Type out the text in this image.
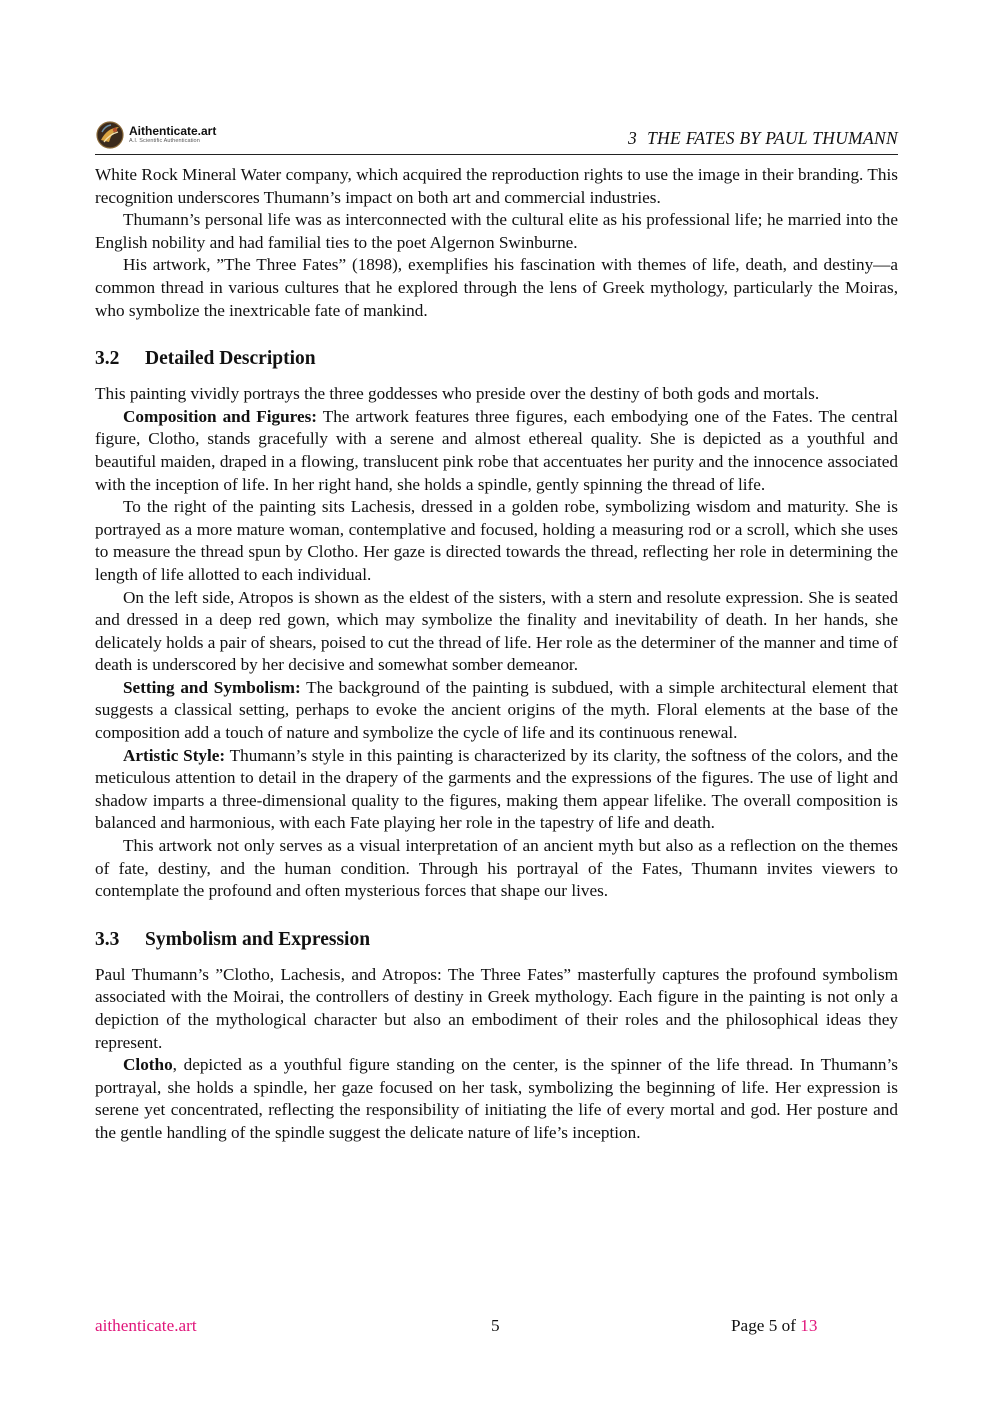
Aithenticate.art
A.I. Scientific Authentication	3 THE FATES BY PAUL THUMANN

White Rock Mineral Water company, which acquired the reproduction rights to use the image in their branding. This recognition underscores Thumann’s impact on both art and commercial industries.

Thumann’s personal life was as interconnected with the cultural elite as his professional life; he married into the English nobility and had familial ties to the poet Algernon Swinburne.

His artwork, ”The Three Fates” (1898), exemplifies his fascination with themes of life, death, and destiny—a common thread in various cultures that he explored through the lens of Greek mythology, particularly the Moiras, who symbolize the inextricable fate of mankind.

3.2 Detailed Description

This painting vividly portrays the three goddesses who preside over the destiny of both gods and mortals.

Composition and Figures: The artwork features three figures, each embodying one of the Fates. The central figure, Clotho, stands gracefully with a serene and almost ethereal quality. She is depicted as a youthful and beautiful maiden, draped in a flowing, translucent pink robe that accentuates her purity and the innocence associated with the inception of life. In her right hand, she holds a spindle, gently spinning the thread of life.

To the right of the painting sits Lachesis, dressed in a golden robe, symbolizing wisdom and maturity. She is portrayed as a more mature woman, contemplative and focused, holding a measuring rod or a scroll, which she uses to measure the thread spun by Clotho. Her gaze is directed towards the thread, reflecting her role in determining the length of life allotted to each individual.

On the left side, Atropos is shown as the eldest of the sisters, with a stern and resolute expression. She is seated and dressed in a deep red gown, which may symbolize the finality and inevitability of death. In her hands, she delicately holds a pair of shears, poised to cut the thread of life. Her role as the determiner of the manner and time of death is underscored by her decisive and somewhat somber demeanor.

Setting and Symbolism: The background of the painting is subdued, with a simple architectural element that suggests a classical setting, perhaps to evoke the ancient origins of the myth. Floral elements at the base of the composition add a touch of nature and symbolize the cycle of life and its continuous renewal.

Artistic Style: Thumann’s style in this painting is characterized by its clarity, the softness of the colors, and the meticulous attention to detail in the drapery of the garments and the expressions of the figures. The use of light and shadow imparts a three-dimensional quality to the figures, making them appear lifelike. The overall composition is balanced and harmonious, with each Fate playing her role in the tapestry of life and death.

This artwork not only serves as a visual interpretation of an ancient myth but also as a reflection on the themes of fate, destiny, and the human condition. Through his portrayal of the Fates, Thumann invites viewers to contemplate the profound and often mysterious forces that shape our lives.

3.3 Symbolism and Expression

Paul Thumann’s ”Clotho, Lachesis, and Atropos: The Three Fates” masterfully captures the profound symbolism associated with the Moirai, the controllers of destiny in Greek mythology. Each figure in the painting is not only a depiction of the mythological character but also an embodiment of their roles and the philosophical ideas they represent.

Clotho, depicted as a youthful figure standing on the center, is the spinner of the life thread. In Thumann’s portrayal, she holds a spindle, her gaze focused on her task, symbolizing the beginning of life. Her expression is serene yet concentrated, reflecting the responsibility of initiating the life of every mortal and god. Her posture and the gentle handling of the spindle suggest the delicate nature of life’s inception.

aithenticate.art	5	Page 5 of 13
